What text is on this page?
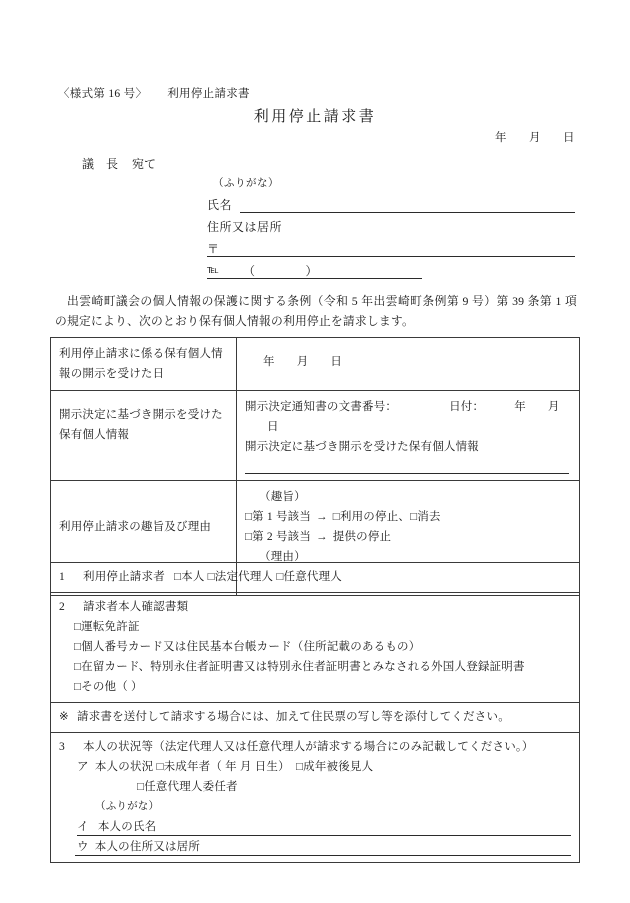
〈様式第 16 号〉 利用停止請求書
利用停止請求書
年 月 日
議 長 宛て
（ふりがな）
氏名
住所又は居所
〒
℡ （　　　　）
出雲崎町議会の個人情報の保護に関する条例（令和 5 年出雲崎町条例第 9 号）第 39 条第 1 項の規定により、次のとおり保有個人情報の利用停止を請求します。
利用停止請求に係る保有個人情報の開示を受けた日	年 月 日
開示決定に基づき開示を受けた保有個人情報	開示決定通知書の文書番号： 日付： 年 月日
開示決定に基づき開示を受けた保有個人情報

利用停止請求の趣旨及び理由	（趣旨）
□第 1 号該当 → □利用の停止、□消去
□第 2 号該当 → 提供の停止
（理由）
1 利用停止請求者 □本人 □法定代理人 □任意代理人

2 請求者本人確認書類
□運転免許証
□個人番号カード又は住民基本台帳カード（住所記載のあるもの）
□在留カード、特別永住者証明書又は特別永住者証明書とみなされる外国人登録証明書
□その他（ ）

※ 請求書を送付して請求する場合には、加えて住民票の写し等を添付してください。

3 本人の状況等（法定代理人又は任意代理人が請求する場合にのみ記載してください。）
ア 本人の状況 □未成年者（ 年 月 日生） □成年被後見人
□任意代理人委任者
（ふりがな）
イ 本人の氏名
ウ 本人の住所又は居所
